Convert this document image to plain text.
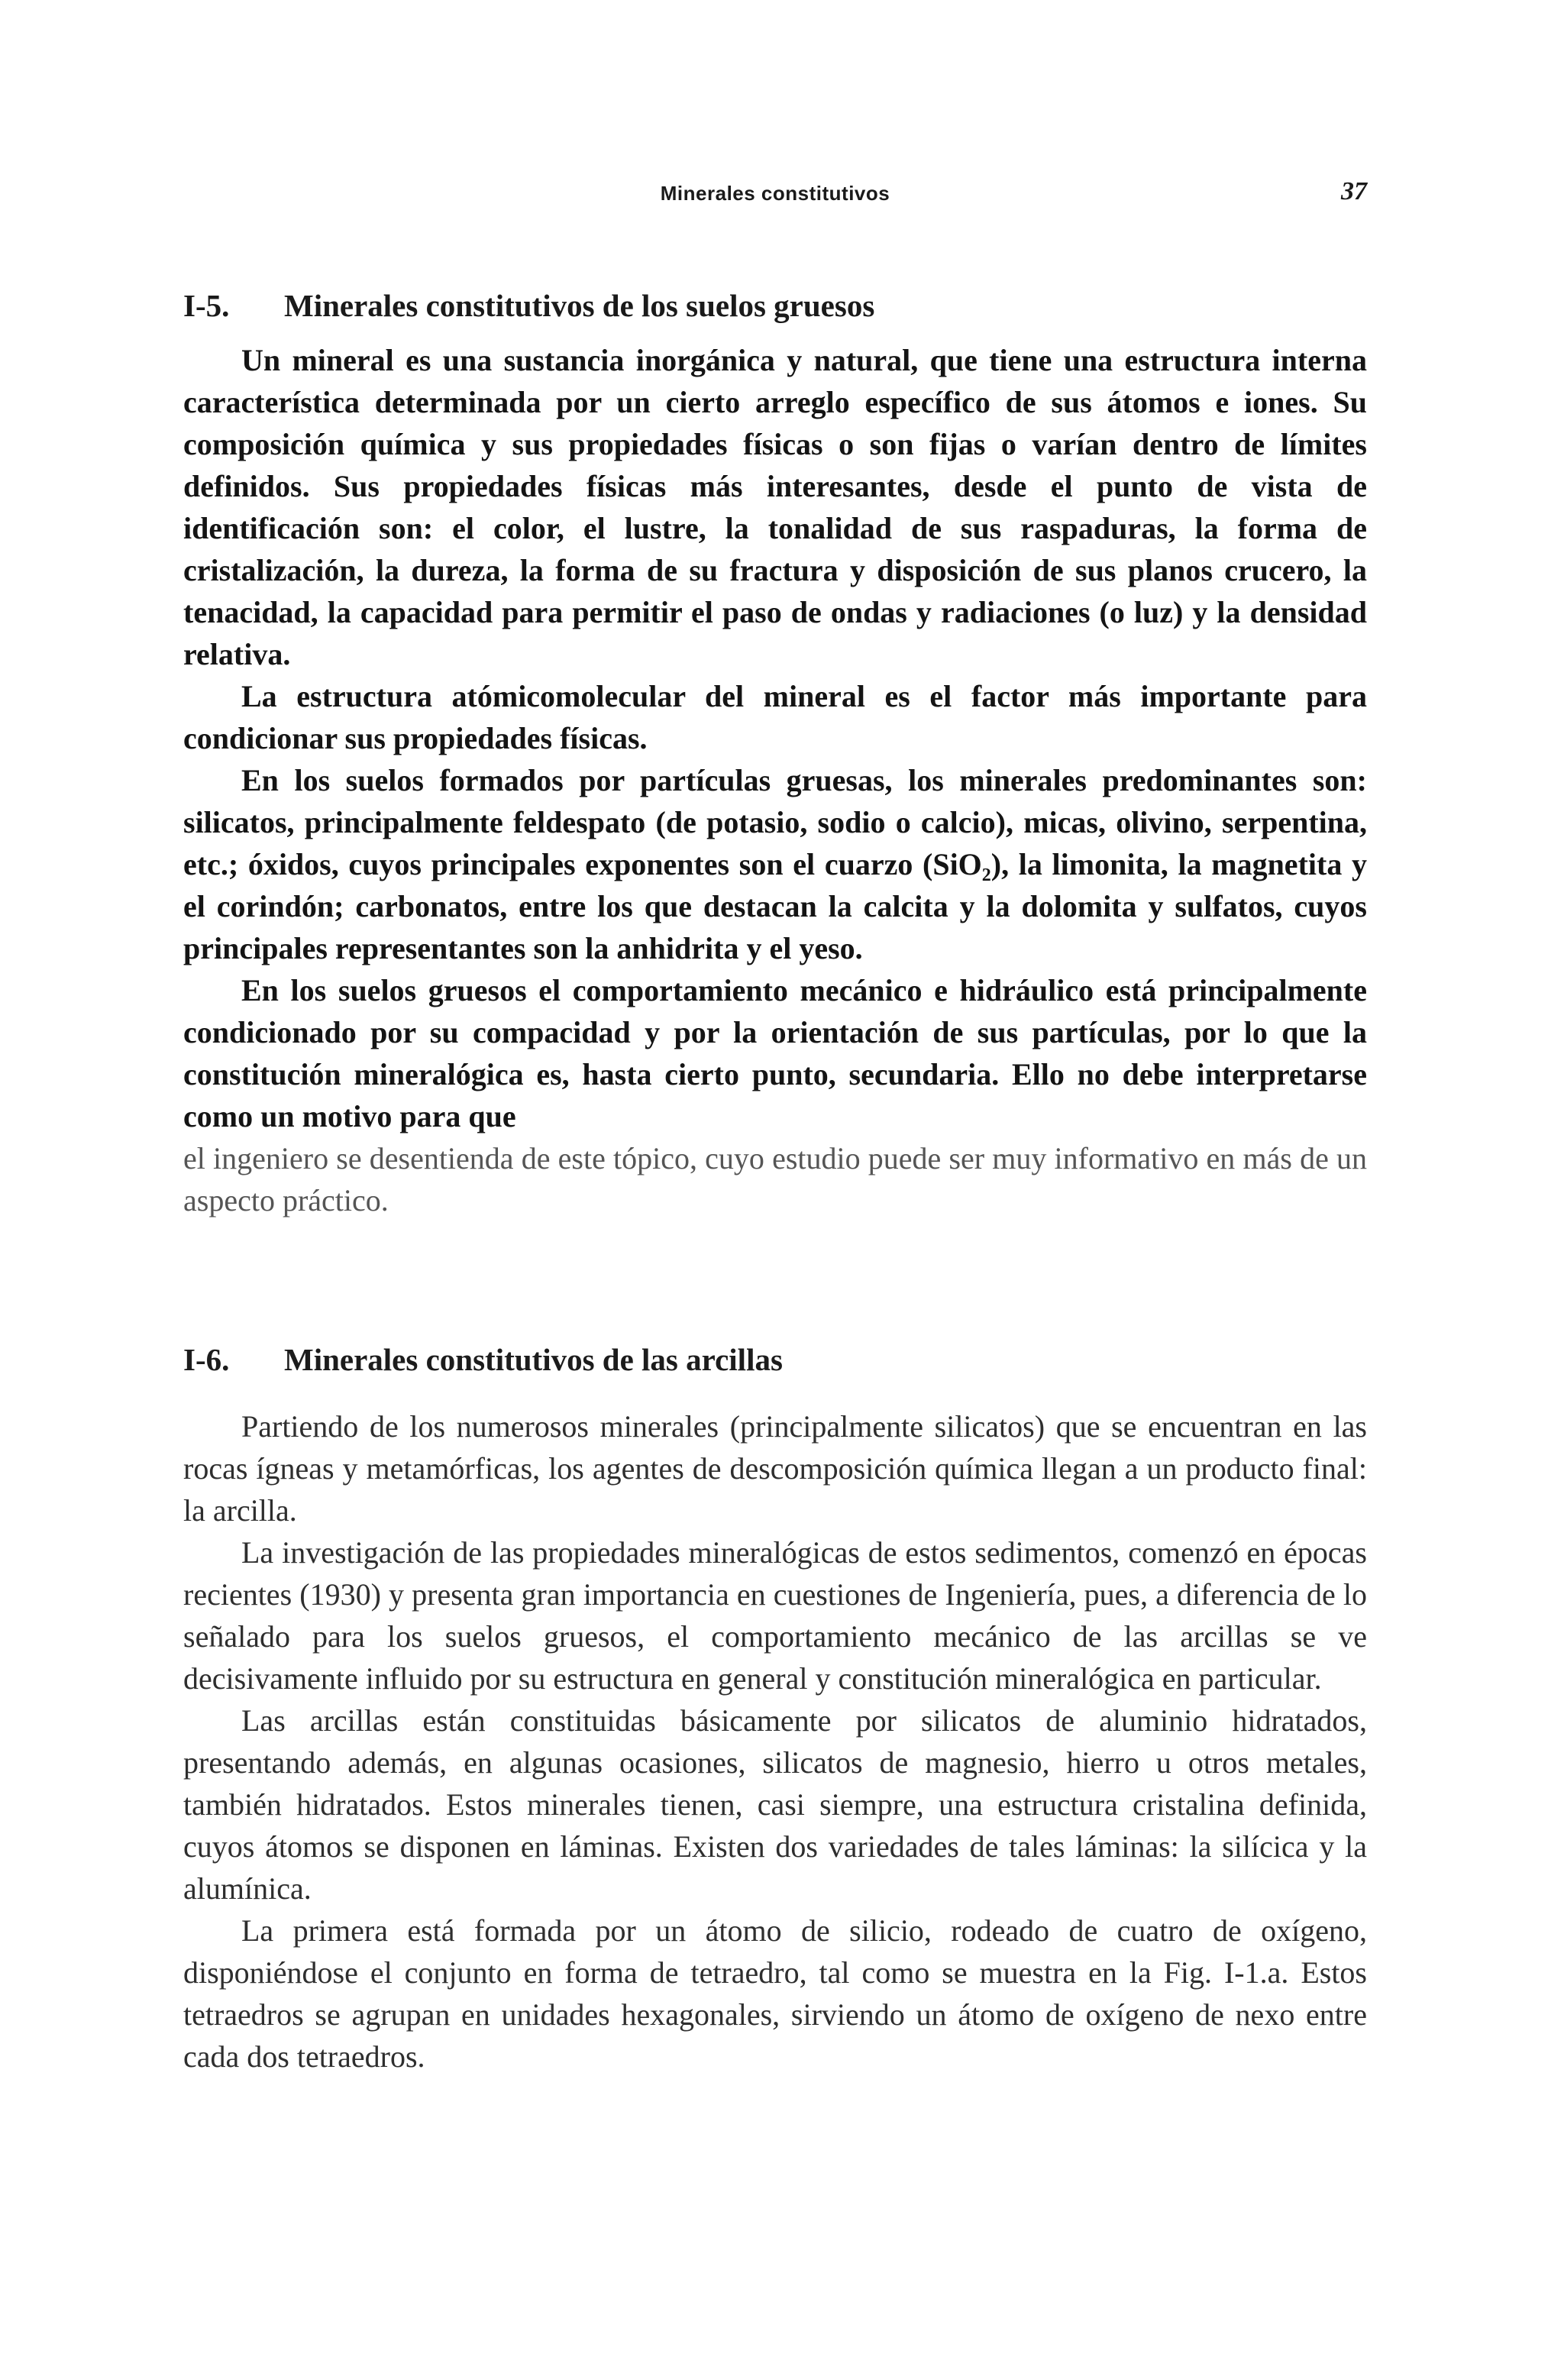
Minerales constitutivos	37
I-5. Minerales constitutivos de los suelos gruesos

Un mineral es una sustancia inorgánica y natural, que tiene una estructura interna característica determinada por un cierto arreglo específico de sus átomos e iones. Su composición química y sus propiedades físicas o son fijas o varían dentro de límites definidos. Sus propiedades físicas más interesantes, desde el punto de vista de identificación son: el color, el lustre, la tonalidad de sus raspaduras, la forma de cristalización, la dureza, la forma de su fractura y disposición de sus planos crucero, la tenacidad, la capacidad para permitir el paso de ondas y radiaciones (o luz) y la densidad relativa.

La estructura atómicomolecular del mineral es el factor más importante para condicionar sus propiedades físicas.

En los suelos formados por partículas gruesas, los minerales predominantes son: silicatos, principalmente feldespato (de potasio, sodio o calcio), micas, olivino, serpentina, etc.; óxidos, cuyos principales exponentes son el cuarzo (SiO₂), la limonita, la magnetita y el corindón; carbonatos, entre los que destacan la calcita y la dolomita y sulfatos, cuyos principales representantes son la anhidrita y el yeso.

En los suelos gruesos el comportamiento mecánico e hidráulico está principalmente condicionado por su compacidad y por la orientación de sus partículas, por lo que la constitución mineralógica es, hasta cierto punto, secundaria. Ello no debe interpretarse como un motivo para que

el ingeniero se desentienda de este tópico, cuyo estudio puede ser muy informativo en más de un aspecto práctico.

I-6. Minerales constitutivos de las arcillas

Partiendo de los numerosos minerales (principalmente silicatos) que se encuentran en las rocas ígneas y metamórficas, los agentes de descomposición química llegan a un producto final: la arcilla.

La investigación de las propiedades mineralógicas de estos sedimentos, comenzó en épocas recientes (1930) y presenta gran importancia en cuestiones de Ingeniería, pues, a diferencia de lo señalado para los suelos gruesos, el comportamiento mecánico de las arcillas se ve decisivamente influido por su estructura en general y constitución mineralógica en particular.

Las arcillas están constituidas básicamente por silicatos de aluminio hidratados, presentando además, en algunas ocasiones, silicatos de magnesio, hierro u otros metales, también hidratados. Estos minerales tienen, casi siempre, una estructura cristalina definida, cuyos átomos se disponen en láminas. Existen dos variedades de tales láminas: la silícica y la alumínica.

La primera está formada por un átomo de silicio, rodeado de cuatro de oxígeno, disponiéndose el conjunto en forma de tetraedro, tal como se muestra en la Fig. I-1.a. Estos tetraedros se agrupan en unidades hexagonales, sirviendo un átomo de oxígeno de nexo entre cada dos tetraedros.
